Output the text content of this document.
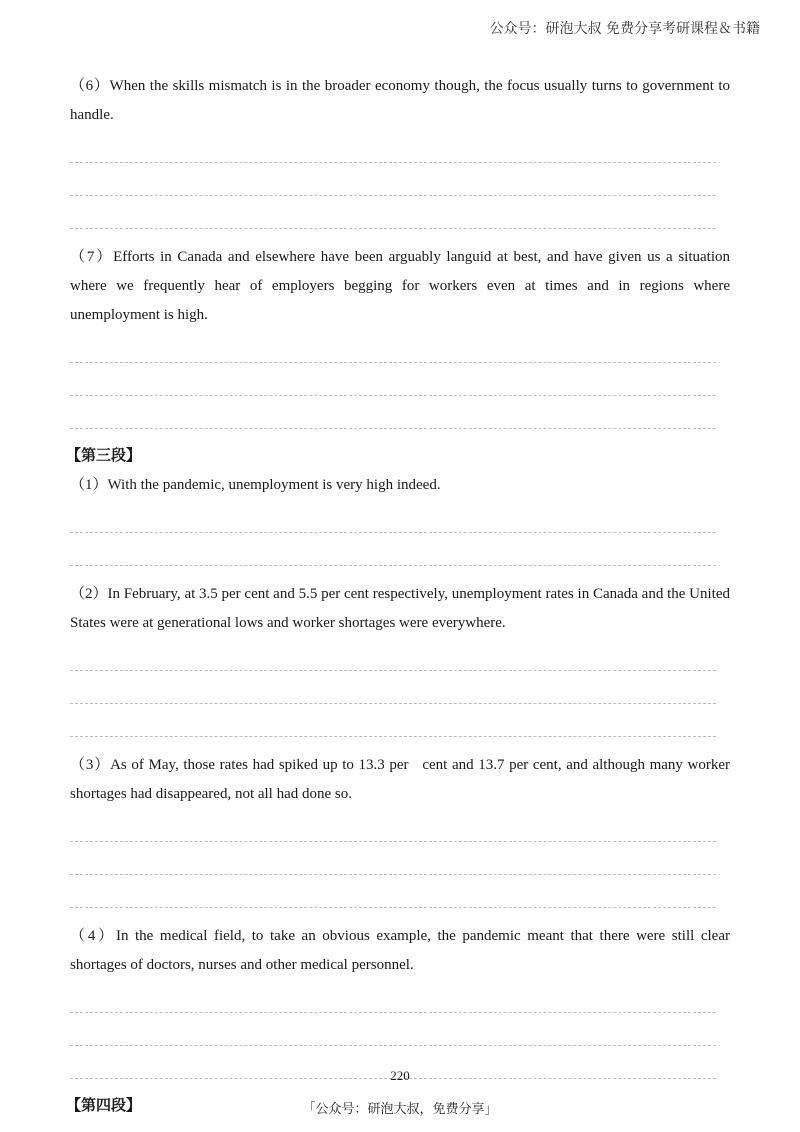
公众号：研泡大叔 免费分享考研课程＆书籍

（6）When the skills mismatch is in the broader economy though, the focus usually turns to government to handle.

（7）Efforts in Canada and elsewhere have been arguably languid at best, and have given us a situation where we frequently hear of employers begging for workers even at times and in regions where unemployment is high.

【第三段】

（1）With the pandemic, unemployment is very high indeed.

（2）In February, at 3.5 per cent and 5.5 per cent respectively, unemployment rates in Canada and the United States were at generational lows and worker shortages were everywhere.

（3）As of May, those rates had spiked up to 13.3 per   cent and 13.7 per cent, and although many worker shortages had disappeared, not all had done so.

（4）In the medical field, to take an obvious example, the pandemic meant that there were still clear shortages of doctors, nurses and other medical personnel.

【第四段】
220
「公众号：研泡大叔，免费分享」
